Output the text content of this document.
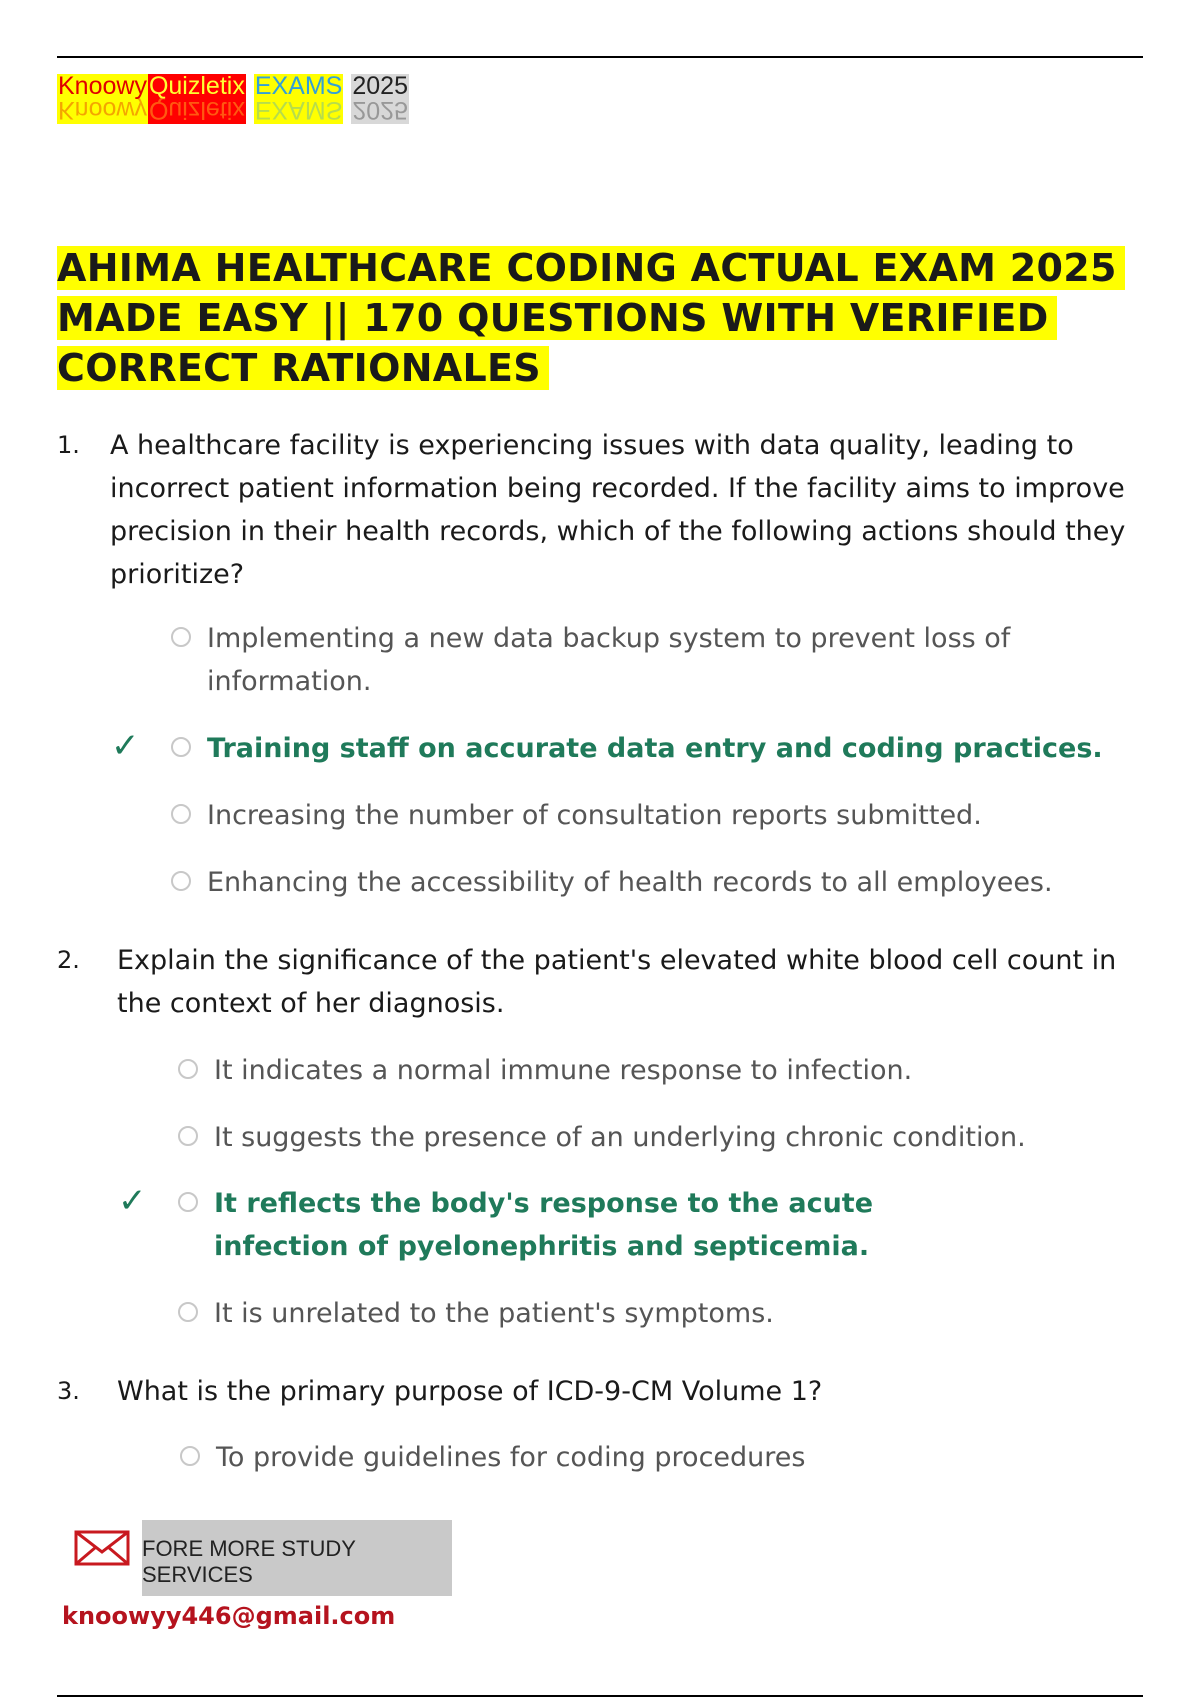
Knoowy Knoowy Quizletix Quizletix EXAMS EXAMS 2025 2025
AHIMA HEALTHCARE CODING ACTUAL EXAM 2025 MADE EASY || 170 QUESTIONS WITH VERIFIED CORRECT RATIONALES
1. A healthcare facility is experiencing issues with data quality, leading to incorrect patient information being recorded. If the facility aims to improve precision in their health records, which of the following actions should they prioritize?
Implementing a new data backup system to prevent loss of information.
✓	Training staff on accurate data entry and coding practices.
Increasing the number of consultation reports submitted.
Enhancing the accessibility of health records to all employees.
2. Explain the significance of the patient's elevated white blood cell count in the context of her diagnosis.
It indicates a normal immune response to infection.
It suggests the presence of an underlying chronic condition.
✓	It reflects the body's response to the acute infection of pyelonephritis and septicemia.
It is unrelated to the patient's symptoms.
3. What is the primary purpose of ICD-9-CM Volume 1?
To provide guidelines for coding procedures
FORE MORE STUDY SERVICES
knoowyy446@gmail.com
